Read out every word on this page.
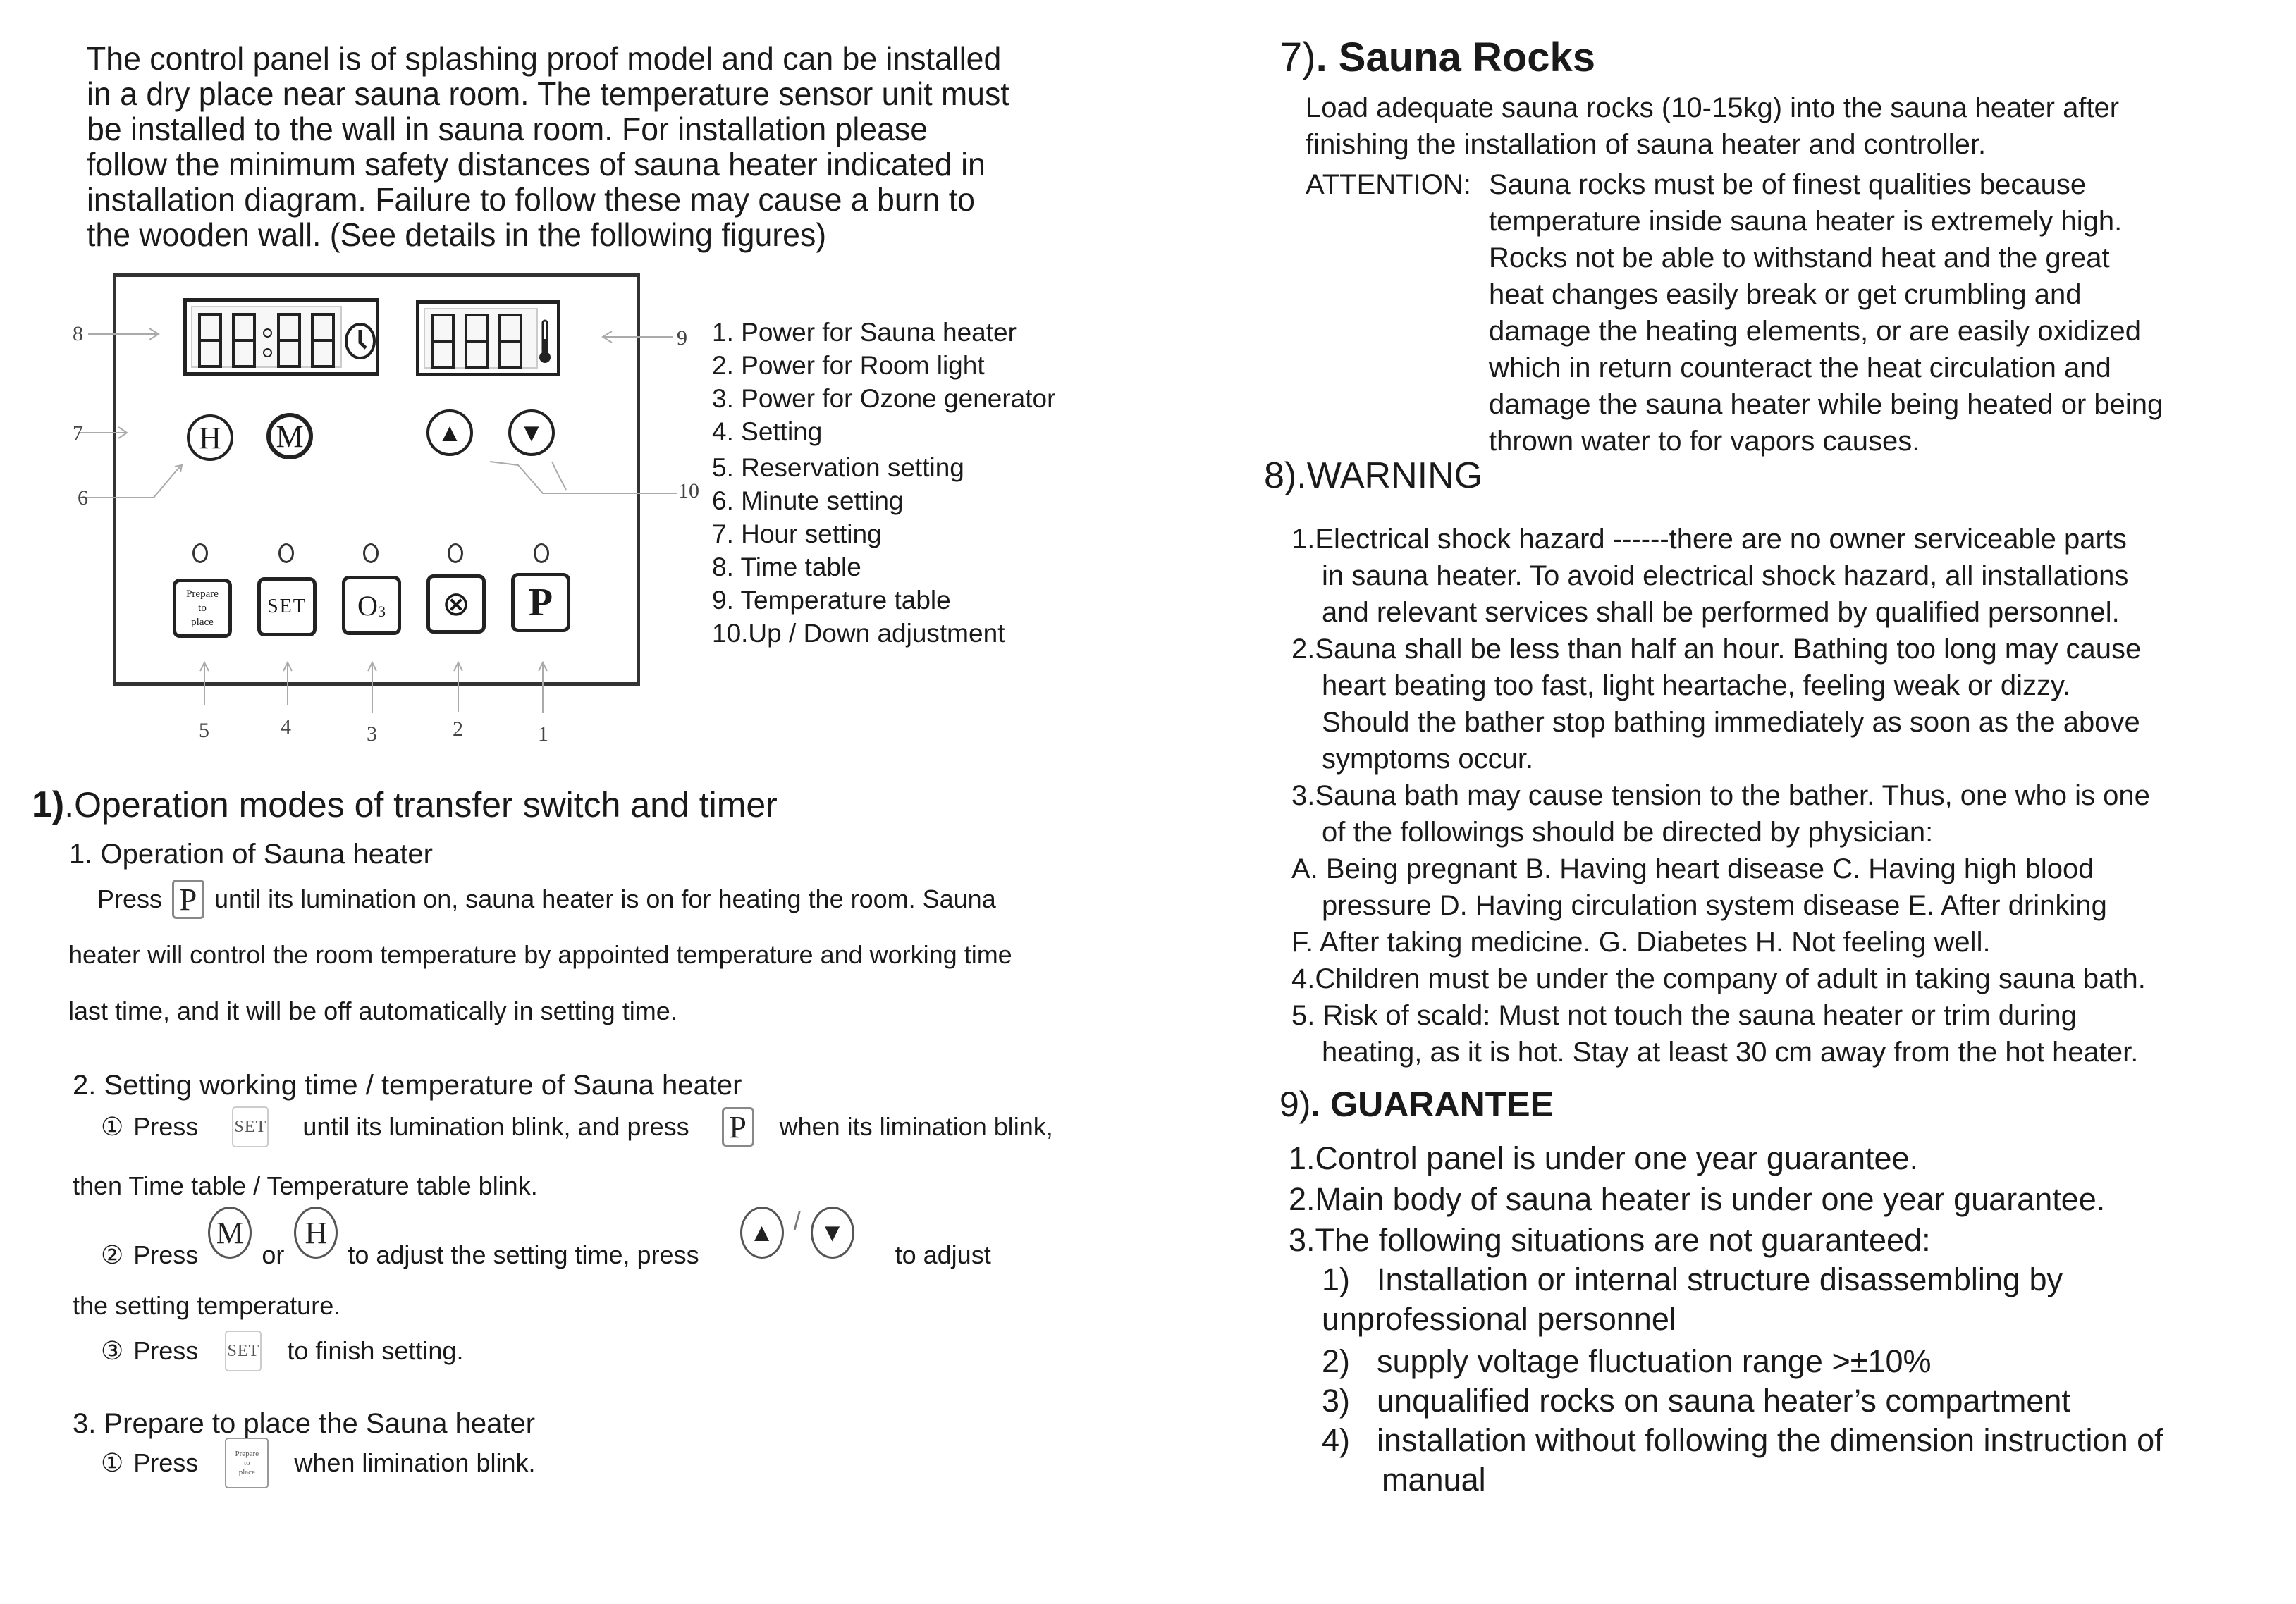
The control panel is of splashing proof model and can be installed
in a dry place near sauna room. The temperature sensor unit must
be installed to the wall in sauna room. For installation please
follow the minimum safety distances of sauna heater indicated in
installation diagram. Failure to follow these may cause a burn to
the wooden wall. (See details in the following figures)
H	M	▲	▼
Prepare
to
place
SET	O 3	⊗	P
8	9
7
6	10
5	4	3	2	1
1. Power for Sauna heater
2. Power for Room light
3. Power for Ozone generator
4. Setting
5. Reservation setting
6. Minute setting
7. Hour setting
8. Time table
9. Temperature table
10.Up / Down adjustment
1).Operation modes of transfer switch and timer
1. Operation of Sauna heater
Press P until its lumination on, sauna heater is on for heating the room. Sauna
heater will control the room temperature by appointed temperature and working time
last time, and it will be off automatically in setting time.
2. Setting working time / temperature of Sauna heater
① Press SET until its lumination blink, and press P when its limination blink,
then Time table / Temperature table blink.
② Press
M
or
H
to adjust the setting time, press
▲ / ▼
to adjust
the setting temperature.
③ Press SET to finish setting.
3. Prepare to place the Sauna heater
① Press	Prepare
to
place when limination blink.
7). Sauna Rocks
Load adequate sauna rocks (10-15kg) into the sauna heater after
finishing the installation of sauna heater and controller.
ATTENTION: Sauna rocks must be of finest qualities because
temperature inside sauna heater is extremely high.
Rocks not be able to withstand heat and the great
heat changes easily break or get crumbling and
damage the heating elements, or are easily oxidized
which in return counteract the heat circulation and
damage the sauna heater while being heated or being
thrown water to for vapors causes.
8).WARNING
1.Electrical shock hazard ------there are no owner serviceable parts
in sauna heater. To avoid electrical shock hazard, all installations
and relevant services shall be performed by qualified personnel.
2.Sauna shall be less than half an hour. Bathing too long may cause
heart beating too fast, light heartache, feeling weak or dizzy.
Should the bather stop bathing immediately as soon as the above
symptoms occur.
3.Sauna bath may cause tension to the bather. Thus, one who is one
of the followings should be directed by physician:
A. Being pregnant B. Having heart disease C. Having high blood
pressure D. Having circulation system disease E. After drinking
F. After taking medicine. G. Diabetes H. Not feeling well.
4.Children must be under the company of adult in taking sauna bath.
5. Risk of scald: Must not touch the sauna heater or trim during
heating, as it is hot. Stay at least 30 cm away from the hot heater.
9). GUARANTEE
1.Control panel is under one year guarantee.
2.Main body of sauna heater is under one year guarantee.
3.The following situations are not guaranteed:
1) Installation or internal structure disassembling by
unprofessional personnel
2) supply voltage fluctuation range >±10%
3) unqualified rocks on sauna heater’s compartment
4) installation without following the dimension instruction of
manual
